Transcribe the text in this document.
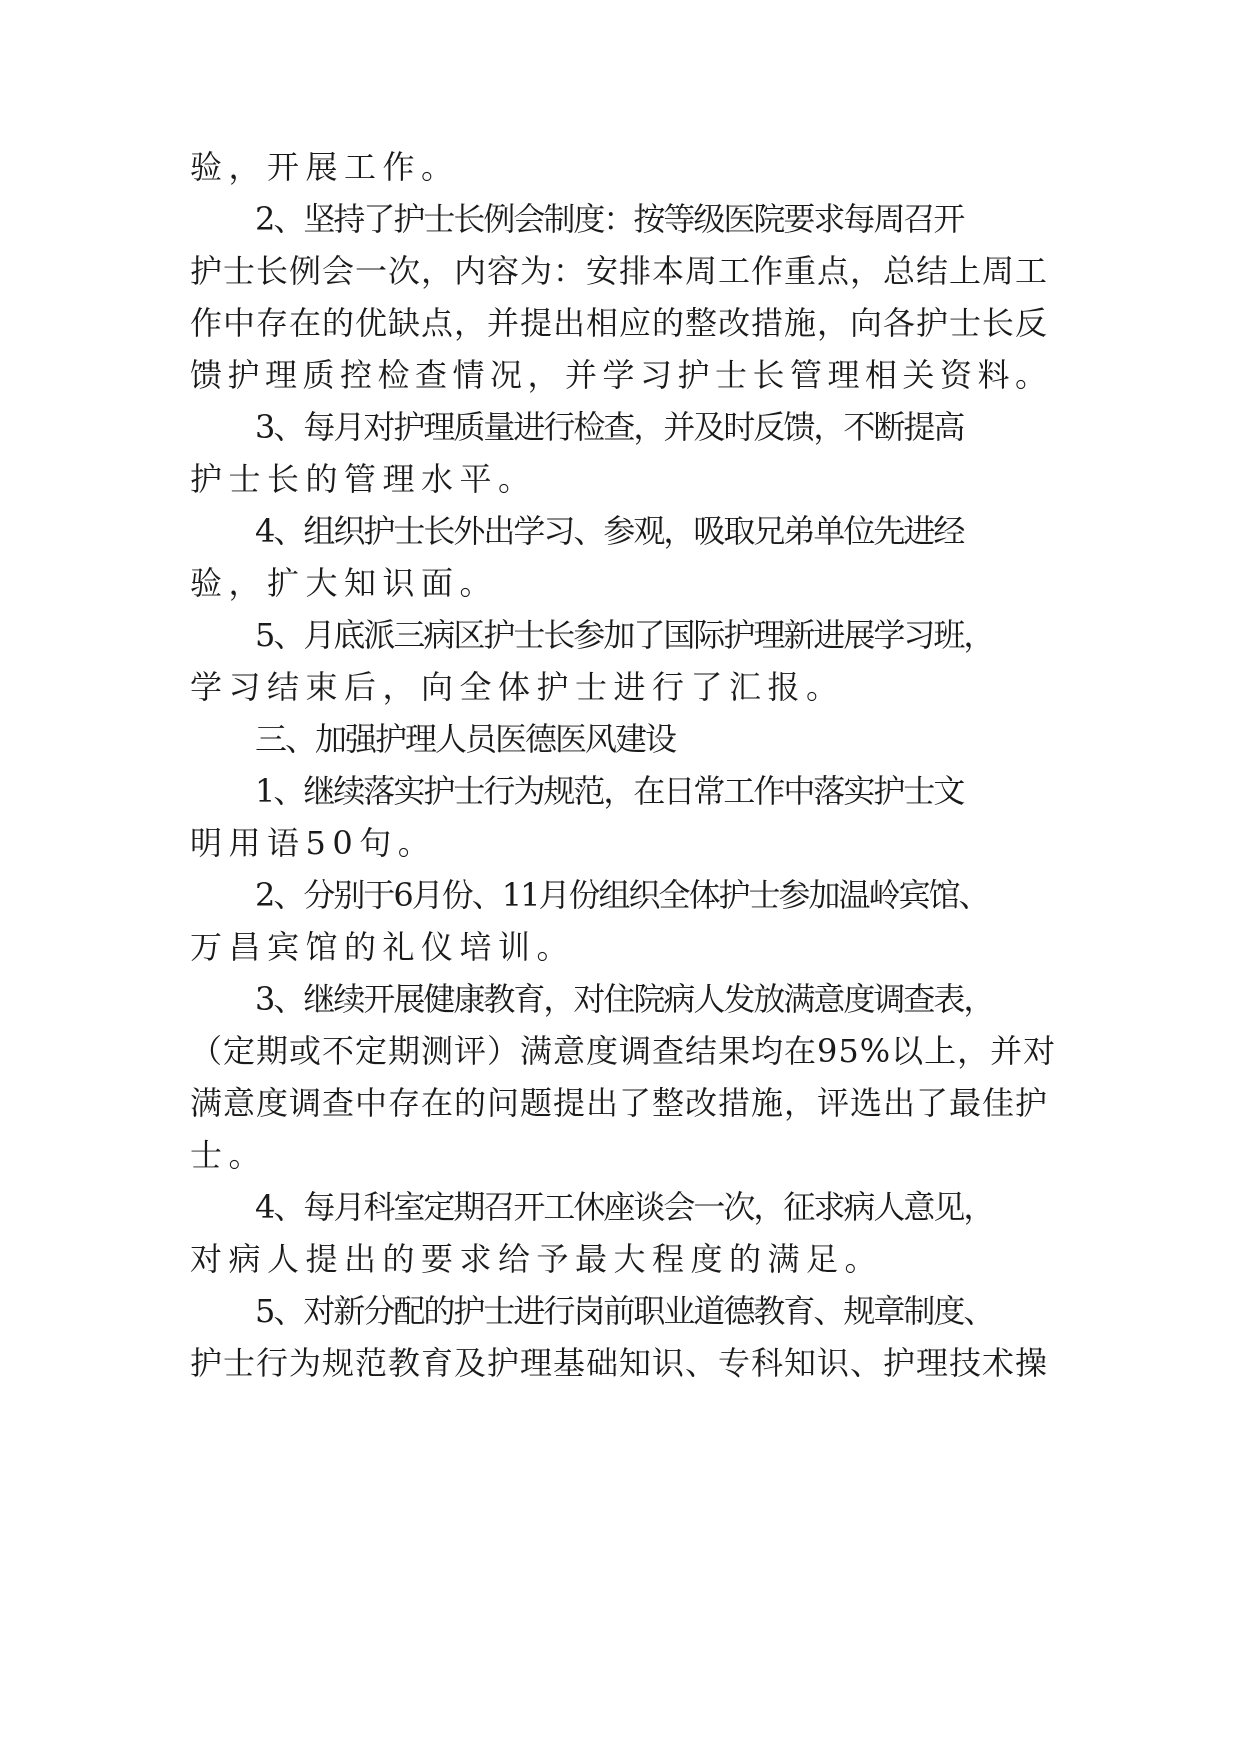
验，开展工作。
2、坚持了护士长例会制度：按等级医院要求每周召开
护士长例会一次，内容为：安排本周工作重点，总结上周工
作中存在的优缺点，并提出相应的整改措施，向各护士长反
馈护理质控检查情况，并学习护士长管理相关资料。
3、每月对护理质量进行检查，并及时反馈，不断提高
护士长的管理水平。
4、组织护士长外出学习、参观，吸取兄弟单位先进经
验，扩大知识面。
5、月底派三病区护士长参加了国际护理新进展学习班，
学习结束后，向全体护士进行了汇报。
三、加强护理人员医德医风建设
1、继续落实护士行为规范，在日常工作中落实护士文
明用语50句。
2、分别于6月份、11月份组织全体护士参加温岭宾馆、
万昌宾馆的礼仪培训。
3、继续开展健康教育，对住院病人发放满意度调查表，
（定期或不定期测评）满意度调查结果均在95%以上，并对
满意度调查中存在的问题提出了整改措施，评选出了最佳护
士。
4、每月科室定期召开工休座谈会一次，征求病人意见，
对病人提出的要求给予最大程度的满足。
5、对新分配的护士进行岗前职业道德教育、规章制度、
护士行为规范教育及护理基础知识、专科知识、护理技术操
